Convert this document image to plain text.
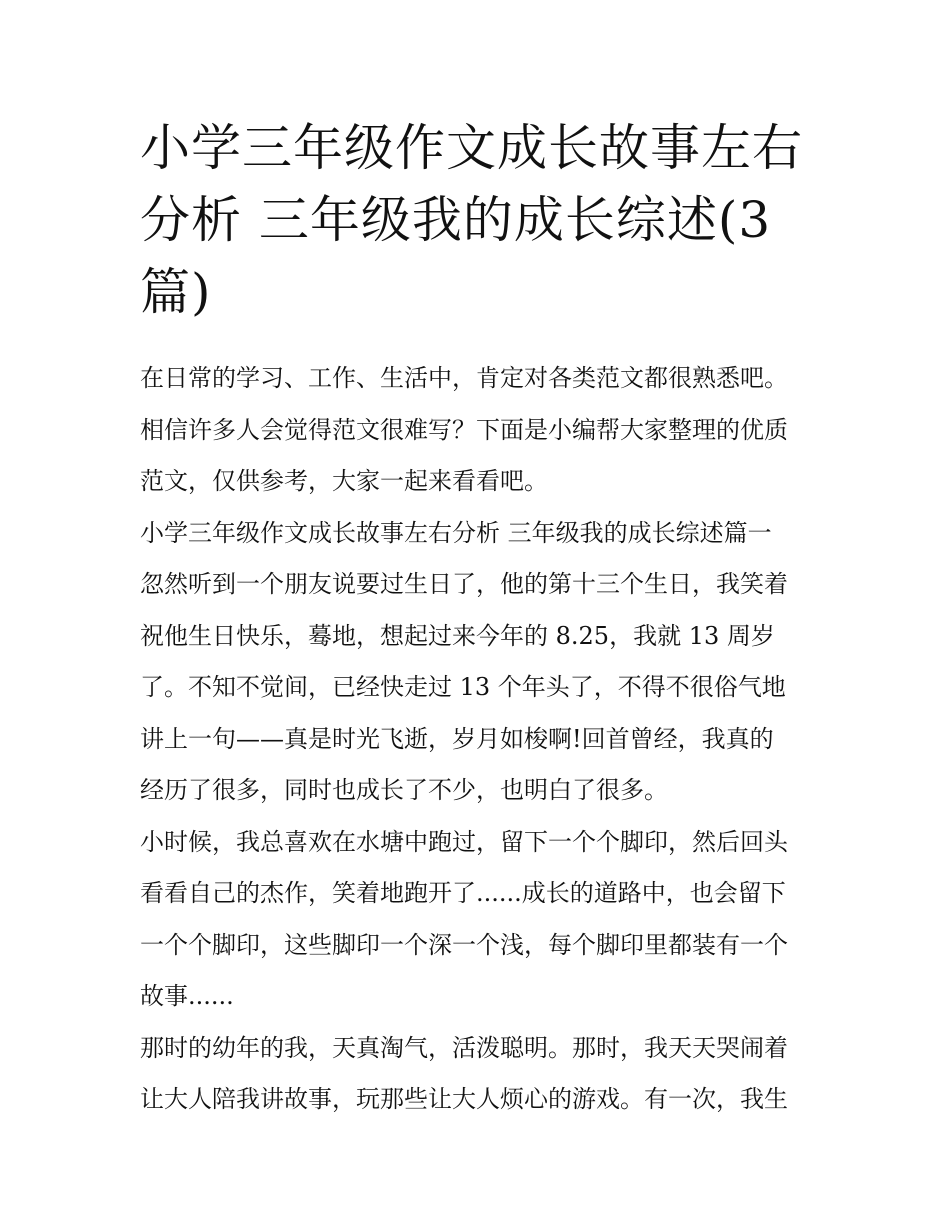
小学三年级作文成长故事左右
分析 三年级我的成长综述(3
篇)
在日常的学习、工作、生活中，肯定对各类范文都很熟悉吧。
相信许多人会觉得范文很难写？下面是小编帮大家整理的优质
范文，仅供参考，大家一起来看看吧。
小学三年级作文成长故事左右分析 三年级我的成长综述篇一
忽然听到一个朋友说要过生日了，他的第十三个生日，我笑着
祝他生日快乐，蓦地，想起过来今年的 8.25，我就 13 周岁
了。不知不觉间，已经快走过 13 个年头了，不得不很俗气地
讲上一句——真是时光飞逝，岁月如梭啊!回首曾经，我真的
经历了很多，同时也成长了不少，也明白了很多。
小时候，我总喜欢在水塘中跑过，留下一个个脚印，然后回头
看看自己的杰作，笑着地跑开了......成长的道路中，也会留下
一个个脚印，这些脚印一个深一个浅，每个脚印里都装有一个
故事......
那时的幼年的我，天真淘气，活泼聪明。那时，我天天哭闹着
让大人陪我讲故事，玩那些让大人烦心的游戏。有一次，我生
